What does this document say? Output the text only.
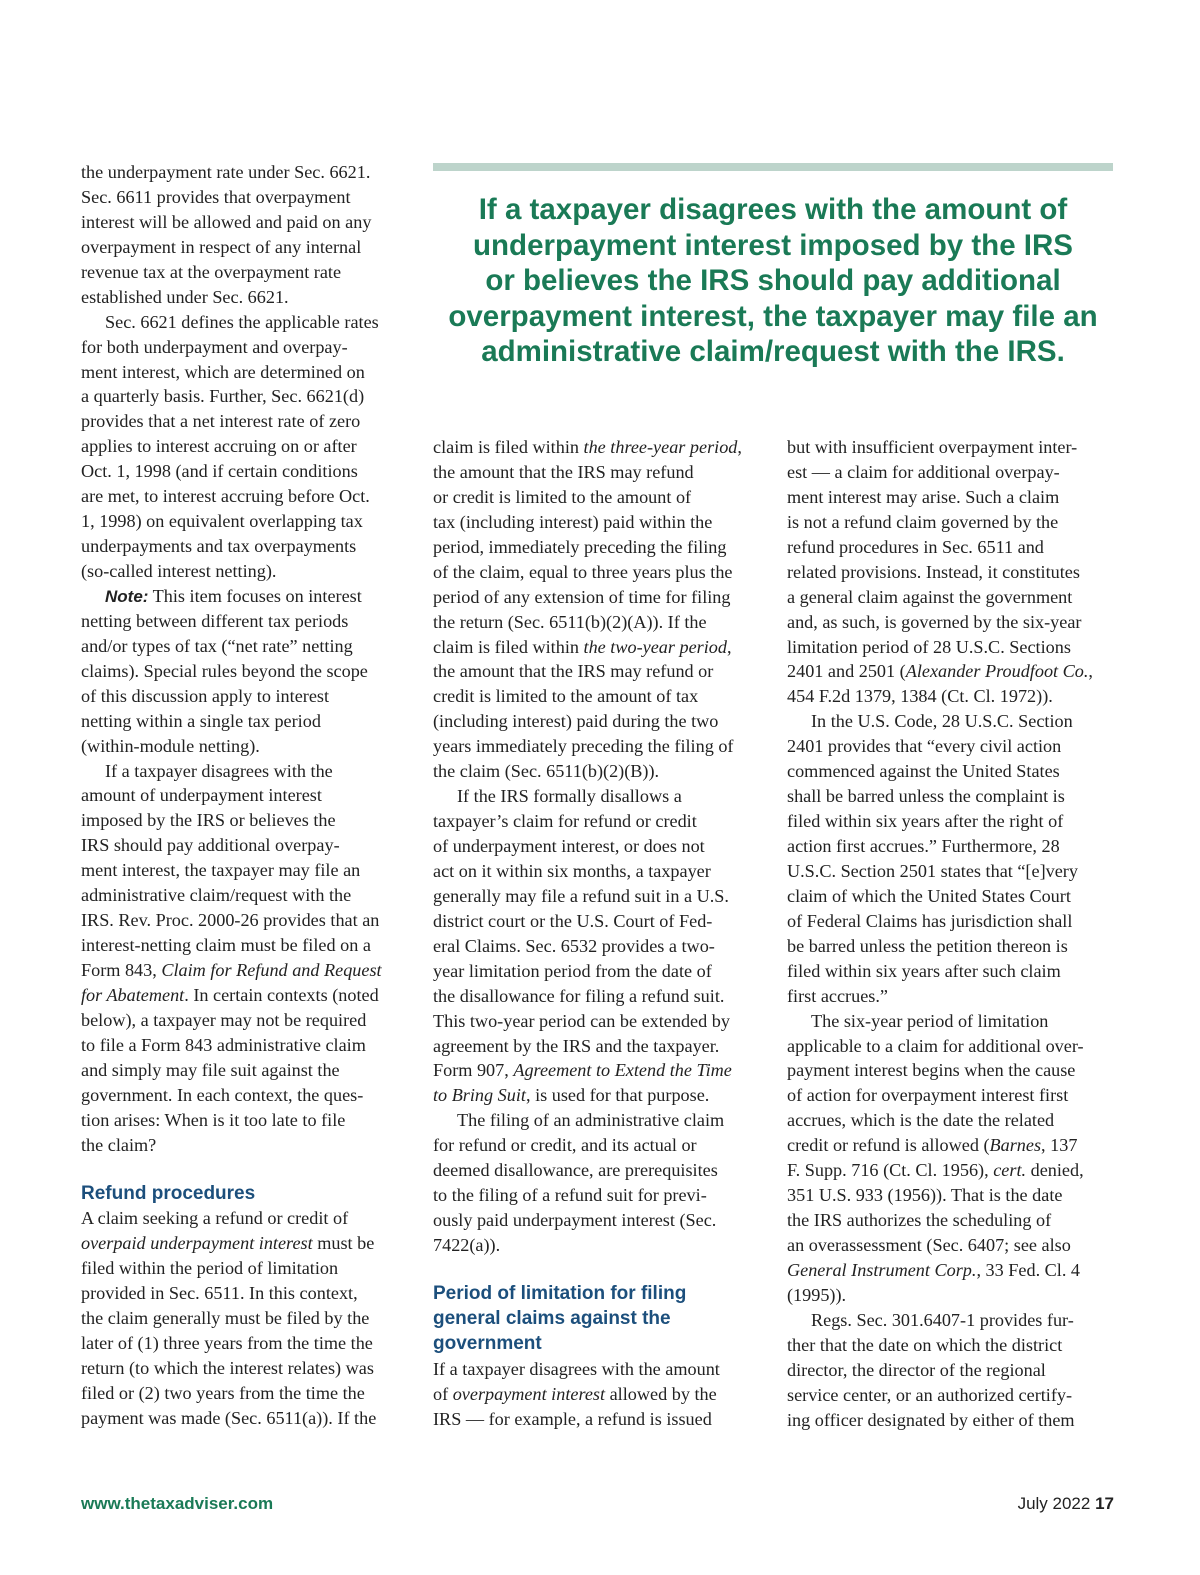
If a taxpayer disagrees with the amount of
underpayment interest imposed by the IRS
or believes the IRS should pay additional
overpayment interest, the taxpayer may file an
administrative claim/request with the IRS.
the underpayment rate under Sec. 6621.
Sec. 6611 provides that overpayment
interest will be allowed and paid on any
overpayment in respect of any internal
revenue tax at the overpayment rate
established under Sec. 6621.
Sec. 6621 defines the applicable rates
for both underpayment and overpay-
ment interest, which are determined on
a quarterly basis. Further, Sec. 6621(d)
provides that a net interest rate of zero
applies to interest accruing on or after
Oct. 1, 1998 (and if certain conditions
are met, to interest accruing before Oct.
1, 1998) on equivalent overlapping tax
underpayments and tax overpayments
(so-called interest netting).
Note: This item focuses on interest
netting between different tax periods
and/or types of tax (“net rate” netting
claims). Special rules beyond the scope
of this discussion apply to interest
netting within a single tax period
(within-module netting).
If a taxpayer disagrees with the
amount of underpayment interest
imposed by the IRS or believes the
IRS should pay additional overpay-
ment interest, the taxpayer may file an
administrative claim/request with the
IRS. Rev. Proc. 2000-26 provides that an
interest-netting claim must be filed on a
Form 843, Claim for Refund and Request
for Abatement. In certain contexts (noted
below), a taxpayer may not be required
to file a Form 843 administrative claim
and simply may file suit against the
government. In each context, the ques-
tion arises: When is it too late to file
the claim?
Refund procedures
A claim seeking a refund or credit of
overpaid underpayment interest must be
filed within the period of limitation
provided in Sec. 6511. In this context,
the claim generally must be filed by the
later of (1) three years from the time the
return (to which the interest relates) was
filed or (2) two years from the time the
payment was made (Sec. 6511(a)). If the
claim is filed within the three-year period,
the amount that the IRS may refund
or credit is limited to the amount of
tax (including interest) paid within the
period, immediately preceding the filing
of the claim, equal to three years plus the
period of any extension of time for filing
the return (Sec. 6511(b)(2)(A)). If the
claim is filed within the two-year period,
the amount that the IRS may refund or
credit is limited to the amount of tax
(including interest) paid during the two
years immediately preceding the filing of
the claim (Sec. 6511(b)(2)(B)).
If the IRS formally disallows a
taxpayer’s claim for refund or credit
of underpayment interest, or does not
act on it within six months, a taxpayer
generally may file a refund suit in a U.S.
district court or the U.S. Court of Fed-
eral Claims. Sec. 6532 provides a two-
year limitation period from the date of
the disallowance for filing a refund suit.
This two-year period can be extended by
agreement by the IRS and the taxpayer.
Form 907, Agreement to Extend the Time
to Bring Suit, is used for that purpose.
The filing of an administrative claim
for refund or credit, and its actual or
deemed disallowance, are prerequisites
to the filing of a refund suit for previ-
ously paid underpayment interest (Sec.
7422(a)).
Period of limitation for filing
general claims against the
government
If a taxpayer disagrees with the amount
of overpayment interest allowed by the
IRS — for example, a refund is issued
but with insufficient overpayment inter-
est — a claim for additional overpay-
ment interest may arise. Such a claim
is not a refund claim governed by the
refund procedures in Sec. 6511 and
related provisions. Instead, it constitutes
a general claim against the government
and, as such, is governed by the six-year
limitation period of 28 U.S.C. Sections
2401 and 2501 (Alexander Proudfoot Co.,
454 F.2d 1379, 1384 (Ct. Cl. 1972)).
In the U.S. Code, 28 U.S.C. Section
2401 provides that “every civil action
commenced against the United States
shall be barred unless the complaint is
filed within six years after the right of
action first accrues.” Furthermore, 28
U.S.C. Section 2501 states that “[e]very
claim of which the United States Court
of Federal Claims has jurisdiction shall
be barred unless the petition thereon is
filed within six years after such claim
first accrues.”
The six-year period of limitation
applicable to a claim for additional over-
payment interest begins when the cause
of action for overpayment interest first
accrues, which is the date the related
credit or refund is allowed (Barnes, 137
F. Supp. 716 (Ct. Cl. 1956), cert. denied,
351 U.S. 933 (1956)). That is the date
the IRS authorizes the scheduling of
an overassessment (Sec. 6407; see also
General Instrument Corp., 33 Fed. Cl. 4
(1995)).
Regs. Sec. 301.6407-1 provides fur-
ther that the date on which the district
director, the director of the regional
service center, or an authorized certify-
ing officer designated by either of them
www.thetaxadviser.com	July 2022 17
